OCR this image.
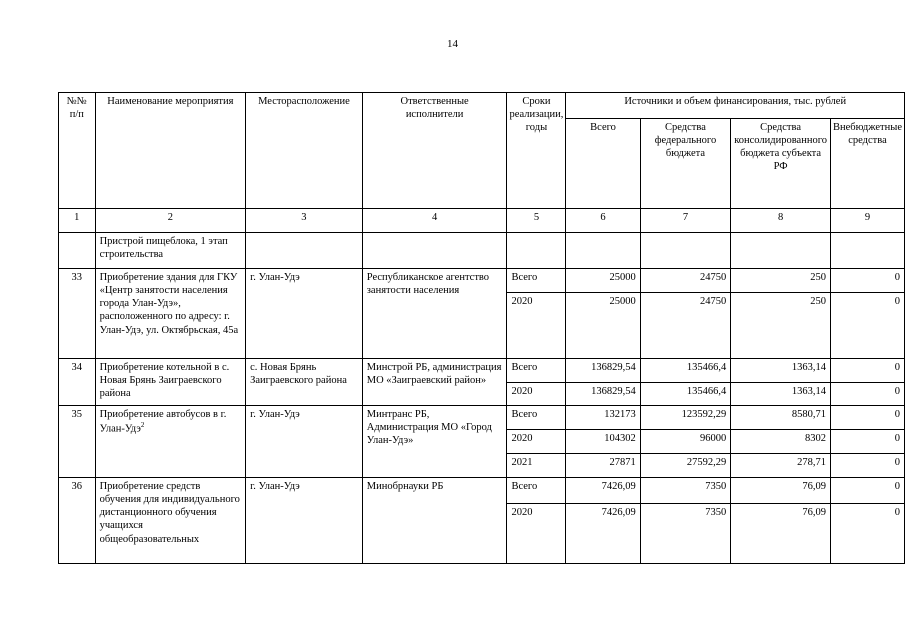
14
№№ п/п	Наименование мероприятия	Месторасположение	Ответственные исполнители	Сроки реализации, годы	Источники и объем финансирования, тыс. рублей			
					Всего	Средства федерального бюджета	Средства консолидированного бюджета субъекта РФ	Внебюджетные средства
1	2	3	4	5	6	7	8	9
	Пристрой пищеблока, 1 этап строительства							
33	Приобретение здания для ГКУ «Центр занятости населения города Улан-Удэ», расположенного по адресу: г. Улан-Удэ, ул. Октябрьская, 45а	г. Улан-Удэ	Республиканское агентство занятости населения	Всего	25000	24750	250	0
				2020	25000	24750	250	0
34	Приобретение котельной в с. Новая Брянь Заиграевского района	с. Новая Брянь Заиграевского района	Минстрой РБ, администрация МО «Заиграевский район»	Всего	136829,54	135466,4	1363,14	0
				2020	136829,54	135466,4	1363,14	0
35	Приобретение автобусов в г. Улан-Удэ$^2$	г. Улан-Удэ	Минтранс РБ, Администрация МО «Город Улан-Удэ»	Всего	132173	123592,29	8580,71	0
				2020	104302	96000	8302	0
				2021	27871	27592,29	278,71	0
36	Приобретение средств обучения для индивидуального дистанционного обучения учащихся общеобразовательных	г. Улан-Удэ	Минобрнауки РБ	Всего	7426,09	7350	76,09	0
				2020	7426,09	7350	76,09	0
